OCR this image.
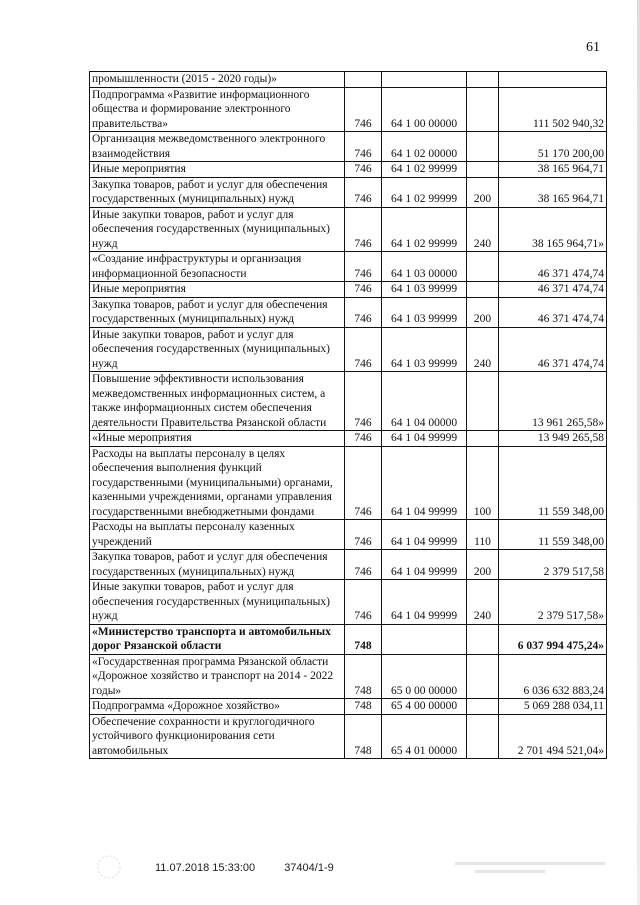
61
промышленности (2015 - 2020 годы)»				
Подпрограмма «Развитие информационного общества и формирование электронного правительства»	746	64 1 00 00000		111 502 940,32
Организация межведомственного электронного взаимодействия	746	64 1 02 00000		51 170 200,00
Иные мероприятия	746	64 1 02 99999		38 165 964,71
Закупка товаров, работ и услуг для обеспечения государственных (муниципальных) нужд	746	64 1 02 99999	200	38 165 964,71
Иные закупки товаров, работ и услуг для обеспечения государственных (муниципальных) нужд	746	64 1 02 99999	240	38 165 964,71»
«Создание инфраструктуры и организация информационной безопасности	746	64 1 03 00000		46 371 474,74
Иные мероприятия	746	64 1 03 99999		46 371 474,74
Закупка товаров, работ и услуг для обеспечения государственных (муниципальных) нужд	746	64 1 03 99999	200	46 371 474,74
Иные закупки товаров, работ и услуг для обеспечения государственных (муниципальных) нужд	746	64 1 03 99999	240	46 371 474,74
Повышение эффективности использования межведомственных информационных систем, а также информационных систем обеспечения деятельности Правительства Рязанской области	746	64 1 04 00000		13 961 265,58»
«Иные мероприятия	746	64 1 04 99999		13 949 265,58
Расходы на выплаты персоналу в целях обеспечения выполнения функций государственными (муниципальными) органами, казенными учреждениями, органами управления государственными внебюджетными фондами	746	64 1 04 99999	100	11 559 348,00
Расходы на выплаты персоналу казенных учреждений	746	64 1 04 99999	110	11 559 348,00
Закупка товаров, работ и услуг для обеспечения государственных (муниципальных) нужд	746	64 1 04 99999	200	2 379 517,58
Иные закупки товаров, работ и услуг для обеспечения государственных (муниципальных) нужд	746	64 1 04 99999	240	2 379 517,58»
«Министерство транспорта и автомобильных дорог Рязанской области	748			6 037 994 475,24»
«Государственная программа Рязанской области «Дорожное хозяйство и транспорт на 2014 - 2022 годы»	748	65 0 00 00000		6 036 632 883,24
Подпрограмма «Дорожное хозяйство»	748	65 4 00 00000		5 069 288 034,11
Обеспечение сохранности и круглогодичного устойчивого функционирования сети автомобильных	748	65 4 01 00000		2 701 494 521,04»
11.07.2018 15:33:00	37404/1-9
